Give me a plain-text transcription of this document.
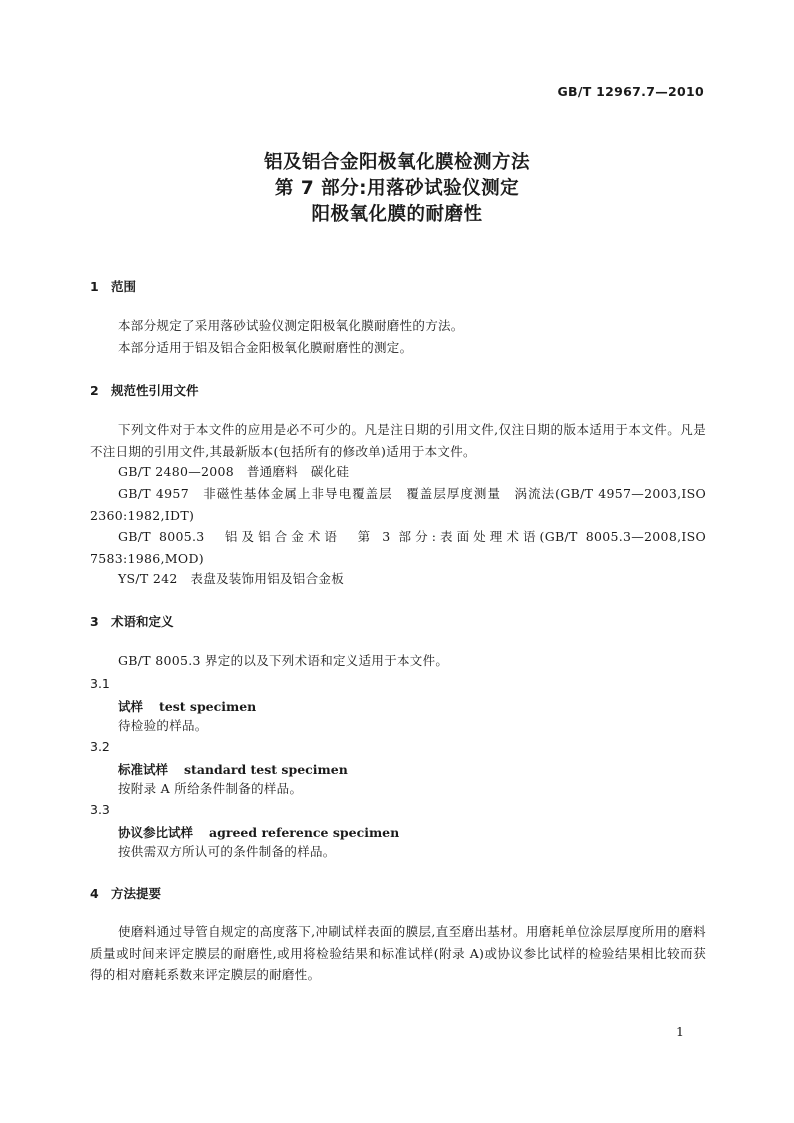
GB/T 12967.7—2010
铝及铝合金阳极氧化膜检测方法
第 7 部分:用落砂试验仪测定
阳极氧化膜的耐磨性
1 范围
本部分规定了采用落砂试验仪测定阳极氧化膜耐磨性的方法。
本部分适用于铝及铝合金阳极氧化膜耐磨性的测定。
2 规范性引用文件
下列文件对于本文件的应用是必不可少的。凡是注日期的引用文件,仅注日期的版本适用于本文件。凡是不注日期的引用文件,其最新版本(包括所有的修改单)适用于本文件。
GB/T 2480—2008　普通磨料　碳化硅
GB/T 4957　非磁性基体金属上非导电覆盖层　覆盖层厚度测量　涡流法(GB/T 4957—2003,ISO 2360:1982,IDT)
GB/T 8005.3　铝及铝合金术语　第 3 部分:表面处理术语(GB/T 8005.3—2008,ISO 7583:1986,MOD)
YS/T 242　表盘及装饰用铝及铝合金板
3 术语和定义
GB/T 8005.3 界定的以及下列术语和定义适用于本文件。
3.1
试样 test specimen
待检验的样品。
3.2
标准试样 standard test specimen
按附录 A 所给条件制备的样品。
3.3
协议参比试样 agreed reference specimen
按供需双方所认可的条件制备的样品。
4 方法提要
使磨料通过导管自规定的高度落下,冲刷试样表面的膜层,直至磨出基材。用磨耗单位涂层厚度所用的磨料质量或时间来评定膜层的耐磨性,或用将检验结果和标准试样(附录 A)或协议参比试样的检验结果相比较而获得的相对磨耗系数来评定膜层的耐磨性。
1
